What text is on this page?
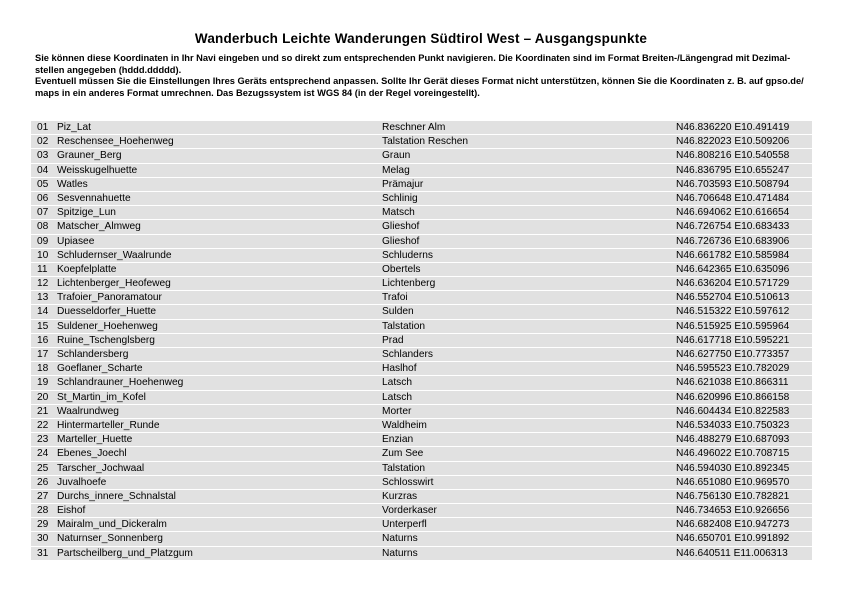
Wanderbuch Leichte Wanderungen Südtirol West – Ausgangspunkte
Sie können diese Koordinaten in Ihr Navi eingeben und so direkt zum entsprechenden Punkt navigieren. Die Koordinaten sind im Format Breiten-/Längengrad mit Dezimal-
stellen angegeben (hddd.ddddd).
Eventuell müssen Sie die Einstellungen Ihres Geräts entsprechend anpassen. Sollte Ihr Gerät dieses Format nicht unterstützen, können Sie die Koordinaten z. B. auf gpso.de/
maps in ein anderes Format umrechnen. Das Bezugssystem ist WGS 84 (in der Regel voreingestellt).
01 Piz_Lat	Reschner Alm	N46.836220 E10.491419
02 Reschensee_Hoehenweg	Talstation Reschen	N46.822023 E10.509206
03 Grauner_Berg	Graun	N46.808216 E10.540558
04 Weisskugelhuette	Melag	N46.836795 E10.655247
05 Watles	Prämajur	N46.703593 E10.508794
06 Sesvennahuette	Schlinig	N46.706648 E10.471484
07 Spitzige_Lun	Matsch	N46.694062 E10.616654
08 Matscher_Almweg	Glieshof	N46.726754 E10.683433
09 Upiasee	Glieshof	N46.726736 E10.683906
10 Schludernser_Waalrunde	Schluderns	N46.661782 E10.585984
11 Koepfelplatte	Obertels	N46.642365 E10.635096
12 Lichtenberger_Heofeweg	Lichtenberg	N46.636204 E10.571729
13 Trafoier_Panoramatour	Trafoi	N46.552704 E10.510613
14 Duesseldorfer_Huette	Sulden	N46.515322 E10.597612
15 Suldener_Hoehenweg	Talstation	N46.515925 E10.595964
16 Ruine_Tschenglsberg	Prad	N46.617718 E10.595221
17 Schlandersberg	Schlanders	N46.627750 E10.773357
18 Goeflaner_Scharte	Haslhof	N46.595523 E10.782029
19 Schlandrauner_Hoehenweg	Latsch	N46.621038 E10.866311
20 St_Martin_im_Kofel	Latsch	N46.620996 E10.866158
21 Waalrundweg	Morter	N46.604434 E10.822583
22 Hintermarteller_Runde	Waldheim	N46.534033 E10.750323
23 Marteller_Huette	Enzian	N46.488279 E10.687093
24 Ebenes_Joechl	Zum See	N46.496022 E10.708715
25 Tarscher_Jochwaal	Talstation	N46.594030 E10.892345
26 Juvalhoefe	Schlosswirt	N46.651080 E10.969570
27 Durchs_innere_Schnalstal	Kurzras	N46.756130 E10.782821
28 Eishof	Vorderkaser	N46.734653 E10.926656
29 Mairalm_und_Dickeralm	Unterperfl	N46.682408 E10.947273
30 Naturnser_Sonnenberg	Naturns	N46.650701 E10.991892
31 Partscheilberg_und_Platzgum	Naturns	N46.640511 E11.006313
